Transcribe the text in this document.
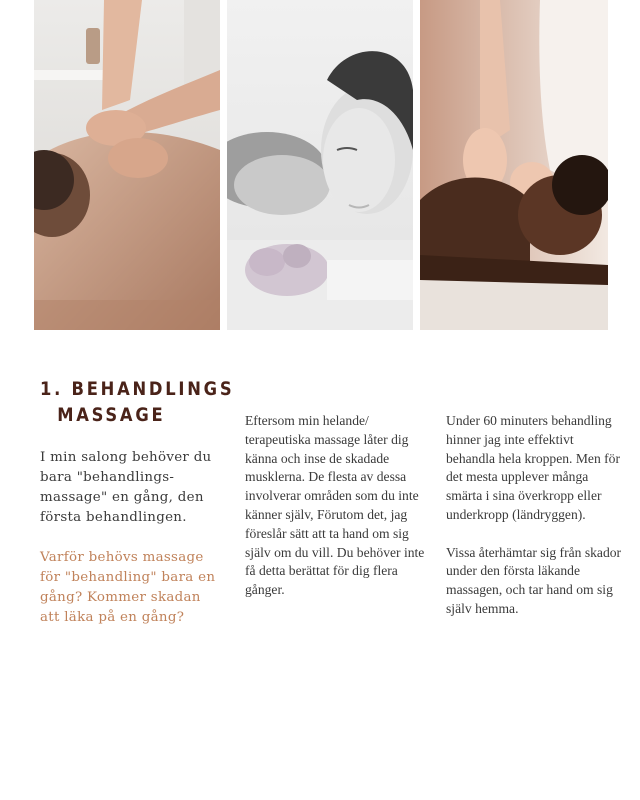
1. BEHANDLINGS
MASSAGE

I min salong behöver du bara "behandlings-massage" en gång, den första behandlingen.

Varför behövs massage för "behandling" bara en gång? Kommer skadan att läka på en gång?

Eftersom min helande/ terapeutiska massage låter dig känna och inse de skadade musklerna. De flesta av dessa involverar områden som du inte känner själv, Förutom det, jag föreslår sätt att ta hand om sig själv om du vill. Du behöver inte få detta berättat för dig flera gånger.

Under 60 minuters behandling hinner jag inte effektivt behandla hela kroppen. Men för det mesta upplever många smärta i sina överkropp eller underkropp (ländryggen).
Vissa återhämtar sig från skador under den första läkande massagen, och tar hand om sig själv hemma.
